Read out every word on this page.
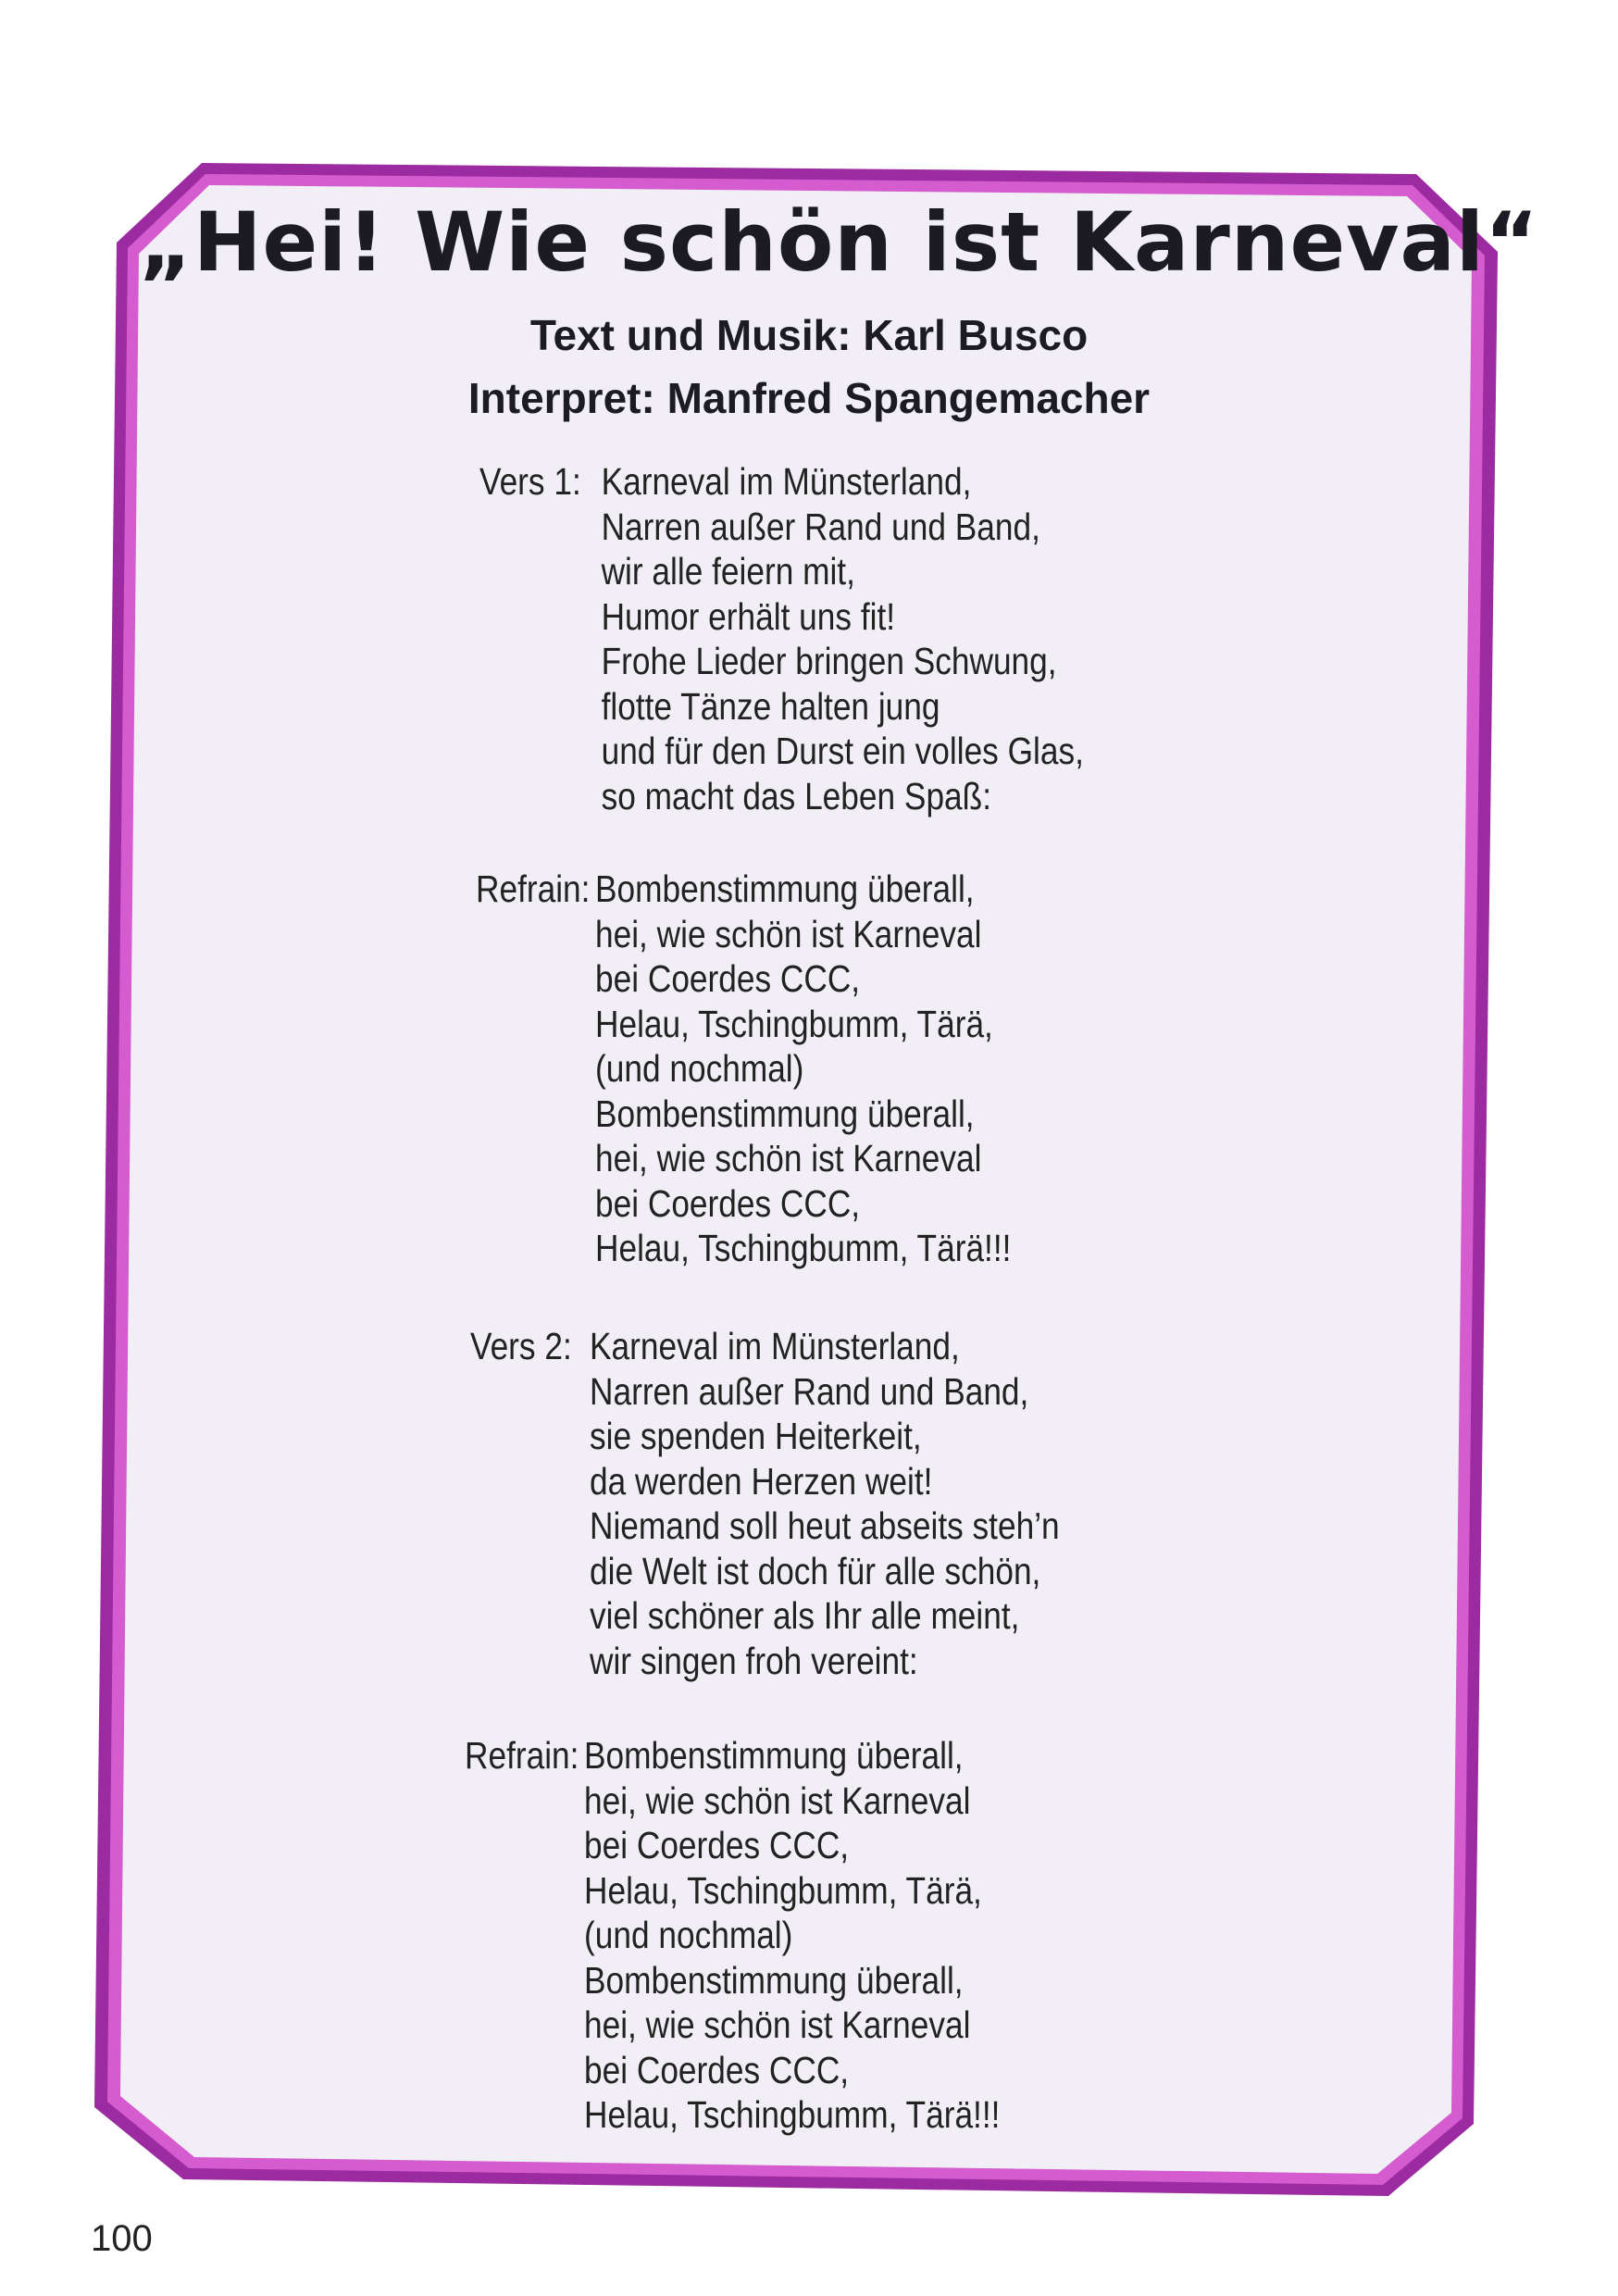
„Hei! Wie schön ist Karneval“
Text und Musik: Karl Busco
Interpret: Manfred Spangemacher
Vers 1: Karneval im Münsterland,
Narren außer Rand und Band,
wir alle feiern mit,
Humor erhält uns fit!
Frohe Lieder bringen Schwung,
flotte Tänze halten jung
und für den Durst ein volles Glas,
so macht das Leben Spaß:
Refrain: Bombenstimmung überall,
hei, wie schön ist Karneval
bei Coerdes CCC,
Helau, Tschingbumm, Tärä,
(und nochmal)
Bombenstimmung überall,
hei, wie schön ist Karneval
bei Coerdes CCC,
Helau, Tschingbumm, Tärä!!!
Vers 2: Karneval im Münsterland,
Narren außer Rand und Band,
sie spenden Heiterkeit,
da werden Herzen weit!
Niemand soll heut abseits steh’n
die Welt ist doch für alle schön,
viel schöner als Ihr alle meint,
wir singen froh vereint:
Refrain: Bombenstimmung überall,
hei, wie schön ist Karneval
bei Coerdes CCC,
Helau, Tschingbumm, Tärä,
(und nochmal)
Bombenstimmung überall,
hei, wie schön ist Karneval
bei Coerdes CCC,
Helau, Tschingbumm, Tärä!!!
100
